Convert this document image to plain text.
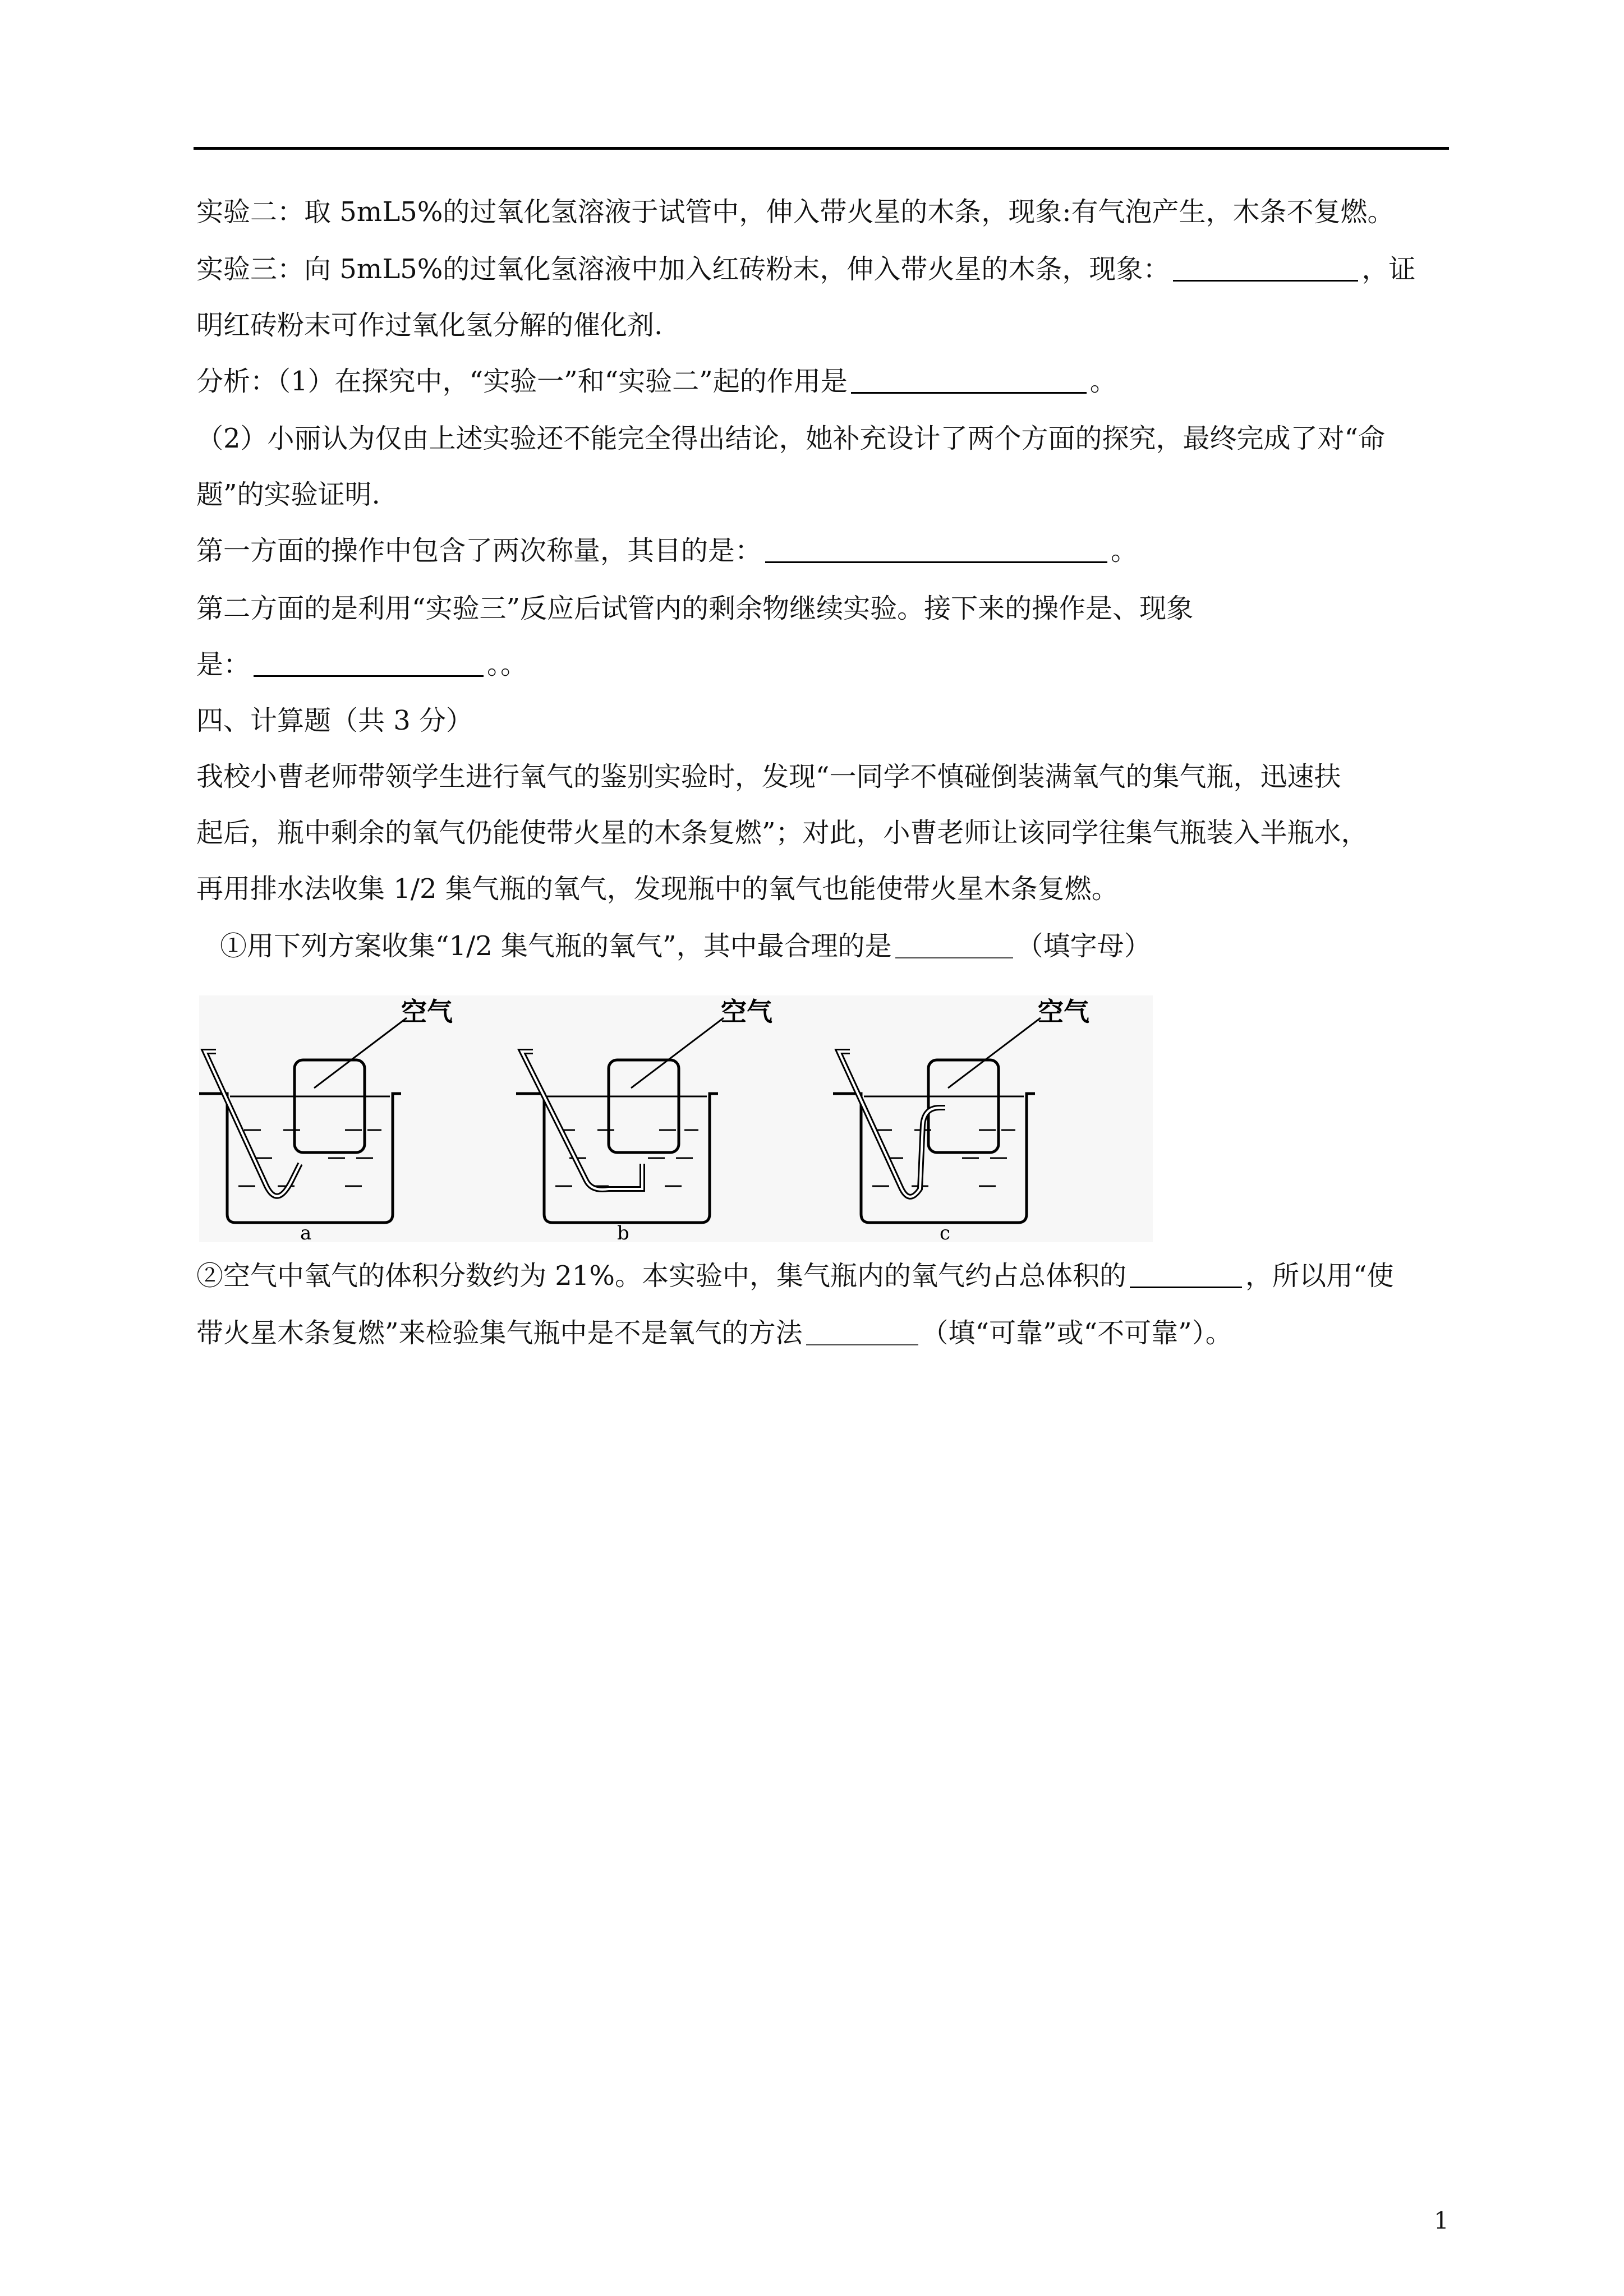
实验二：取 5mL5%的过氧化氢溶液于试管中，伸入带火星的木条，现象:有气泡产生，木条不复燃。
实验三：向 5mL5%的过氧化氢溶液中加入红砖粉末，伸入带火星的木条，现象：	，证
明红砖粉末可作过氧化氢分解的催化剂.
分析：（1）在探究中，“实验一”和“实验二”起的作用是	。
（2）小丽认为仅由上述实验还不能完全得出结论，她补充设计了两个方面的探究，最终完成了对“命
题”的实验证明.
第一方面的操作中包含了两次称量，其目的是：	。
第二方面的是利用“实验三”反应后试管内的剩余物继续实验。接下来的操作是、现象
是：	。。
四、计算题（共 3 分）
我校小曹老师带领学生进行氧气的鉴别实验时，发现“一同学不慎碰倒装满氧气的集气瓶，迅速扶
起后，瓶中剩余的氧气仍能使带火星的木条复燃”；对此，小曹老师让该同学往集气瓶装入半瓶水，
再用排水法收集 1/2 集气瓶的氧气，发现瓶中的氧气也能使带火星木条复燃。
①用下列方案收集“1/2 集气瓶的氧气”，其中最合理的是	（填字母）
空气
a
空气
b
空气
c
②空气中氧气的体积分数约为 21%。本实验中，集气瓶内的氧气约占总体积的	，所以用“使
带火星木条复燃”来检验集气瓶中是不是氧气的方法	（填“可靠”或“不可靠”）。
1
